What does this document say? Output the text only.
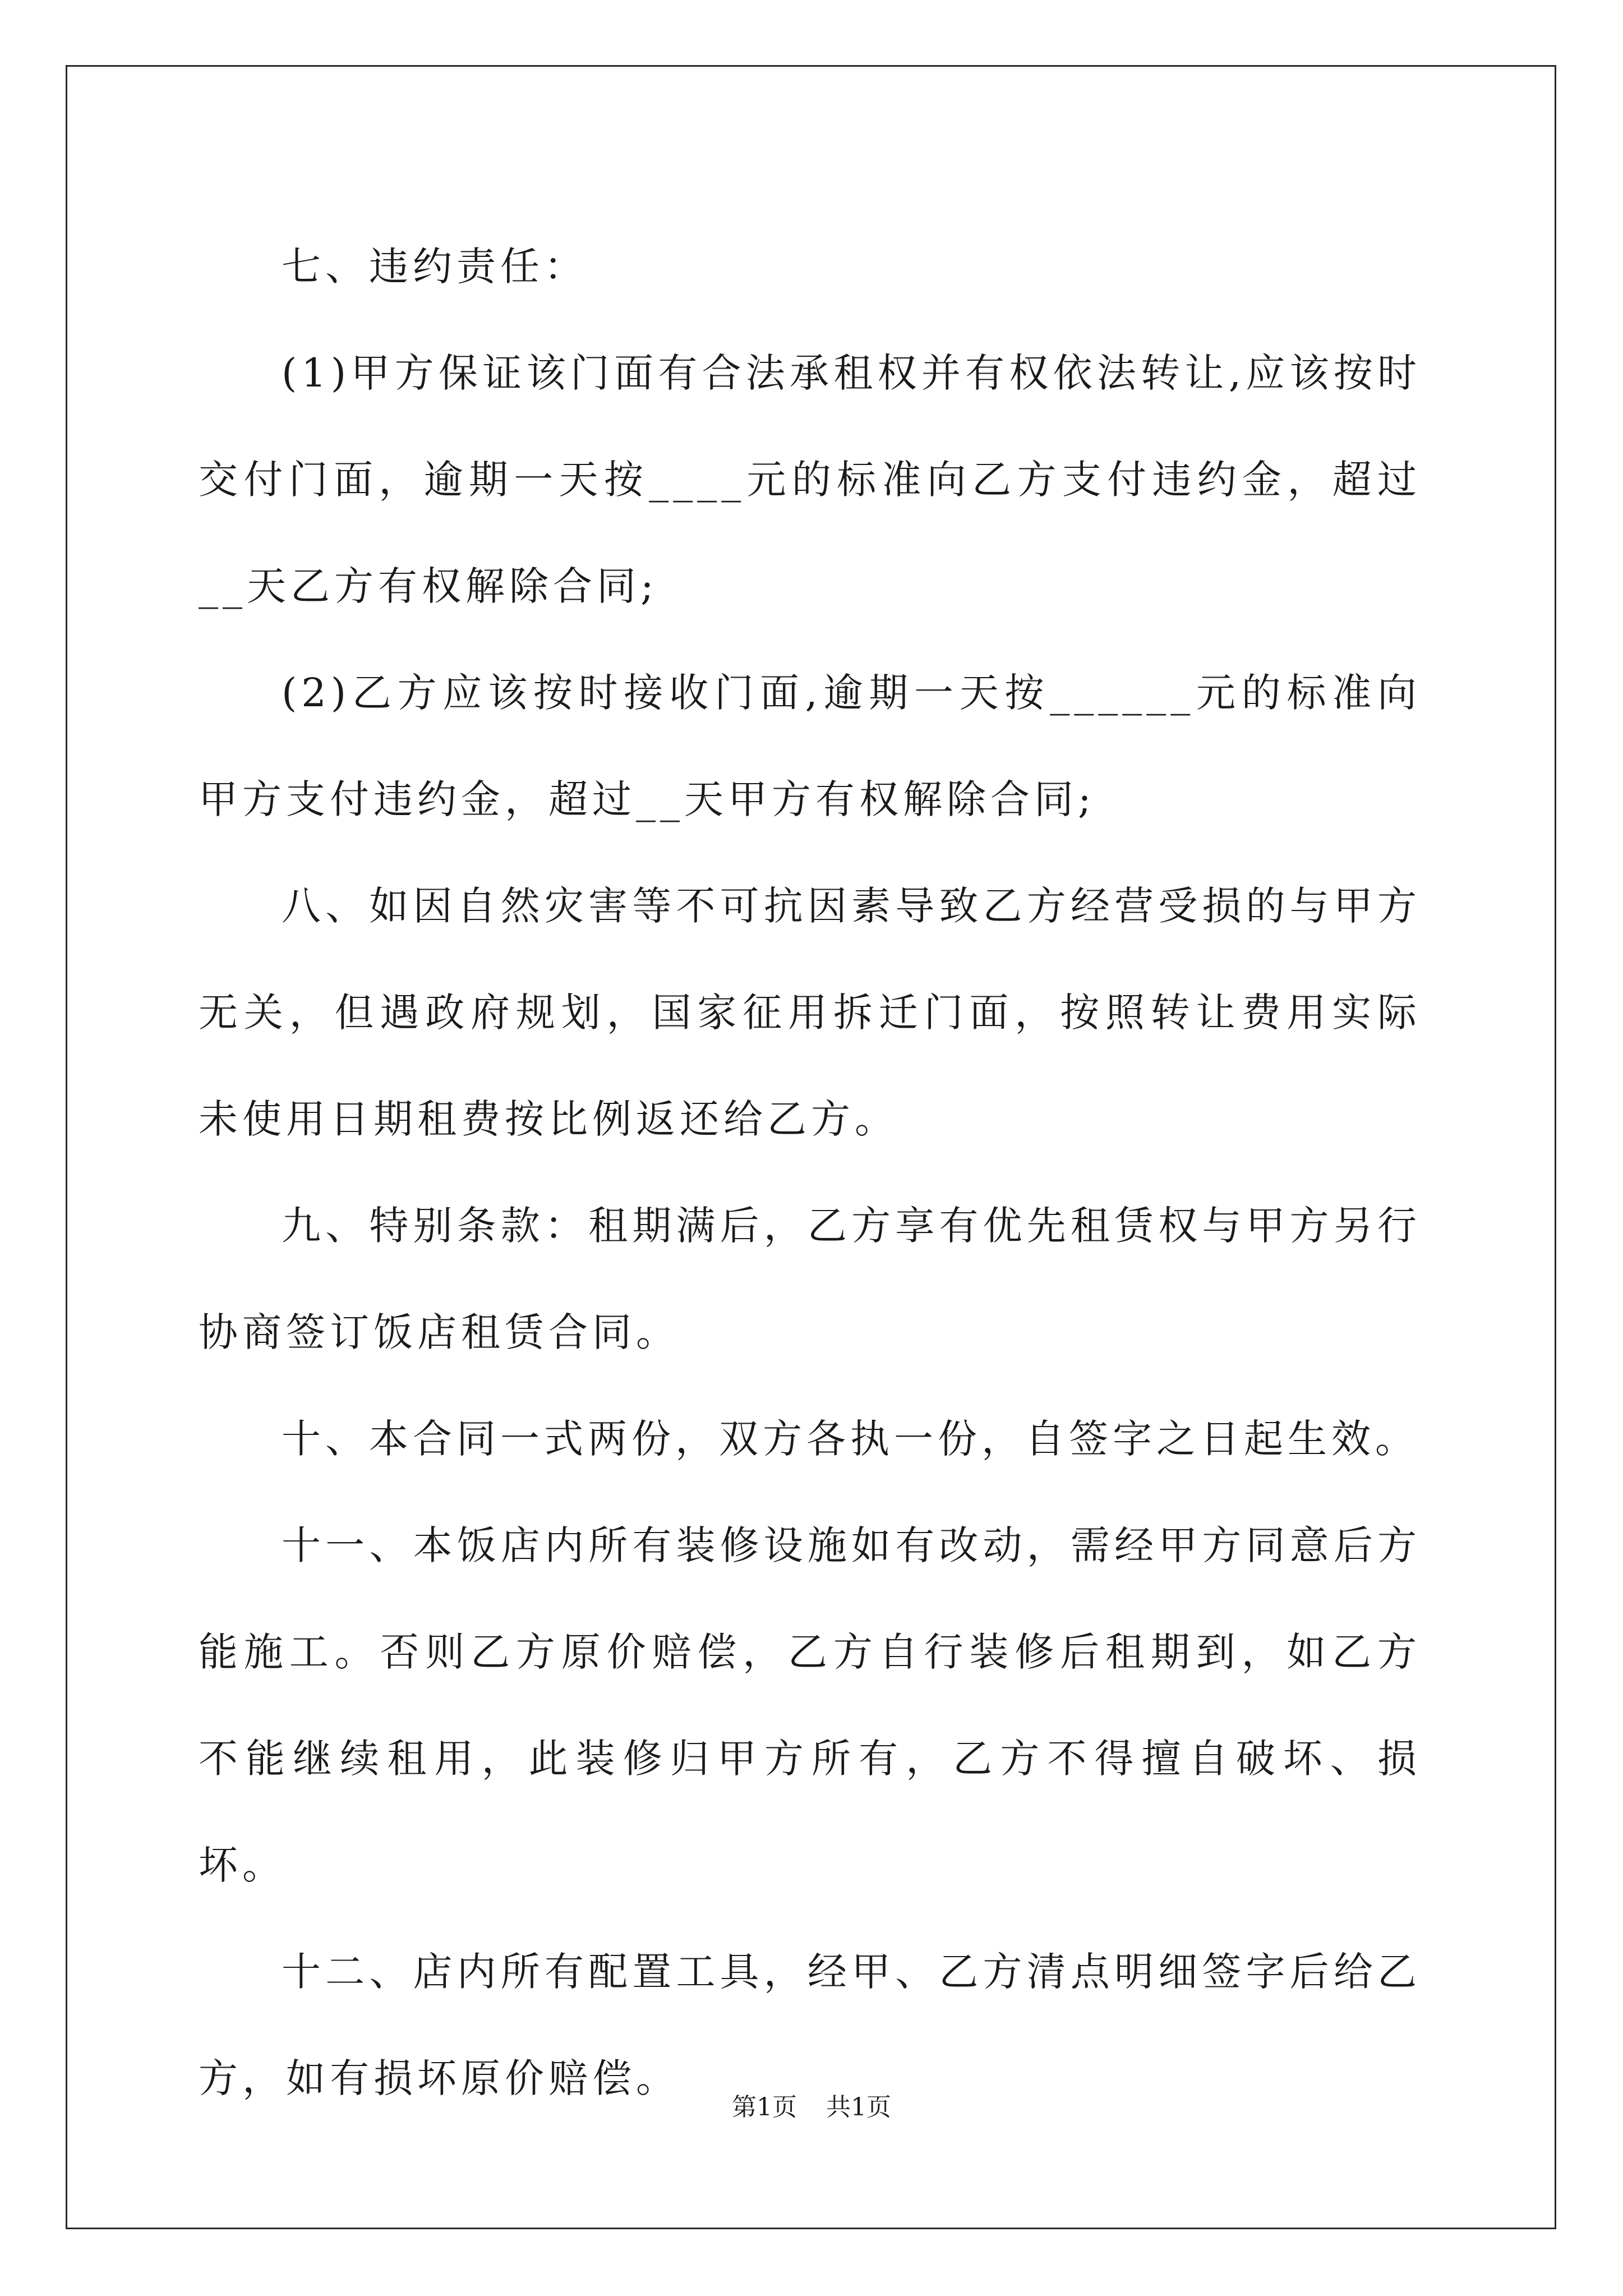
七、违约责任：

(1)甲方保证该门面有合法承租权并有权依法转让,应该按时交付门面，逾期一天按____元的标准向乙方支付违约金，超过__天乙方有权解除合同;

(2)乙方应该按时接收门面,逾期一天按______元的标准向甲方支付违约金，超过__天甲方有权解除合同;

八、如因自然灾害等不可抗因素导致乙方经营受损的与甲方无关，但遇政府规划，国家征用拆迁门面，按照转让费用实际未使用日期租费按比例返还给乙方。

九、特别条款：租期满后，乙方享有优先租赁权与甲方另行协商签订饭店租赁合同。

十、本合同一式两份，双方各执一份，自签字之日起生效。

十一、本饭店内所有装修设施如有改动，需经甲方同意后方能施工。否则乙方原价赔偿，乙方自行装修后租期到，如乙方不能继续租用，此装修归甲方所有，乙方不得擅自破坏、损坏。

十二、店内所有配置工具，经甲、乙方清点明细签字后给乙方，如有损坏原价赔偿。

第1页 共1页
